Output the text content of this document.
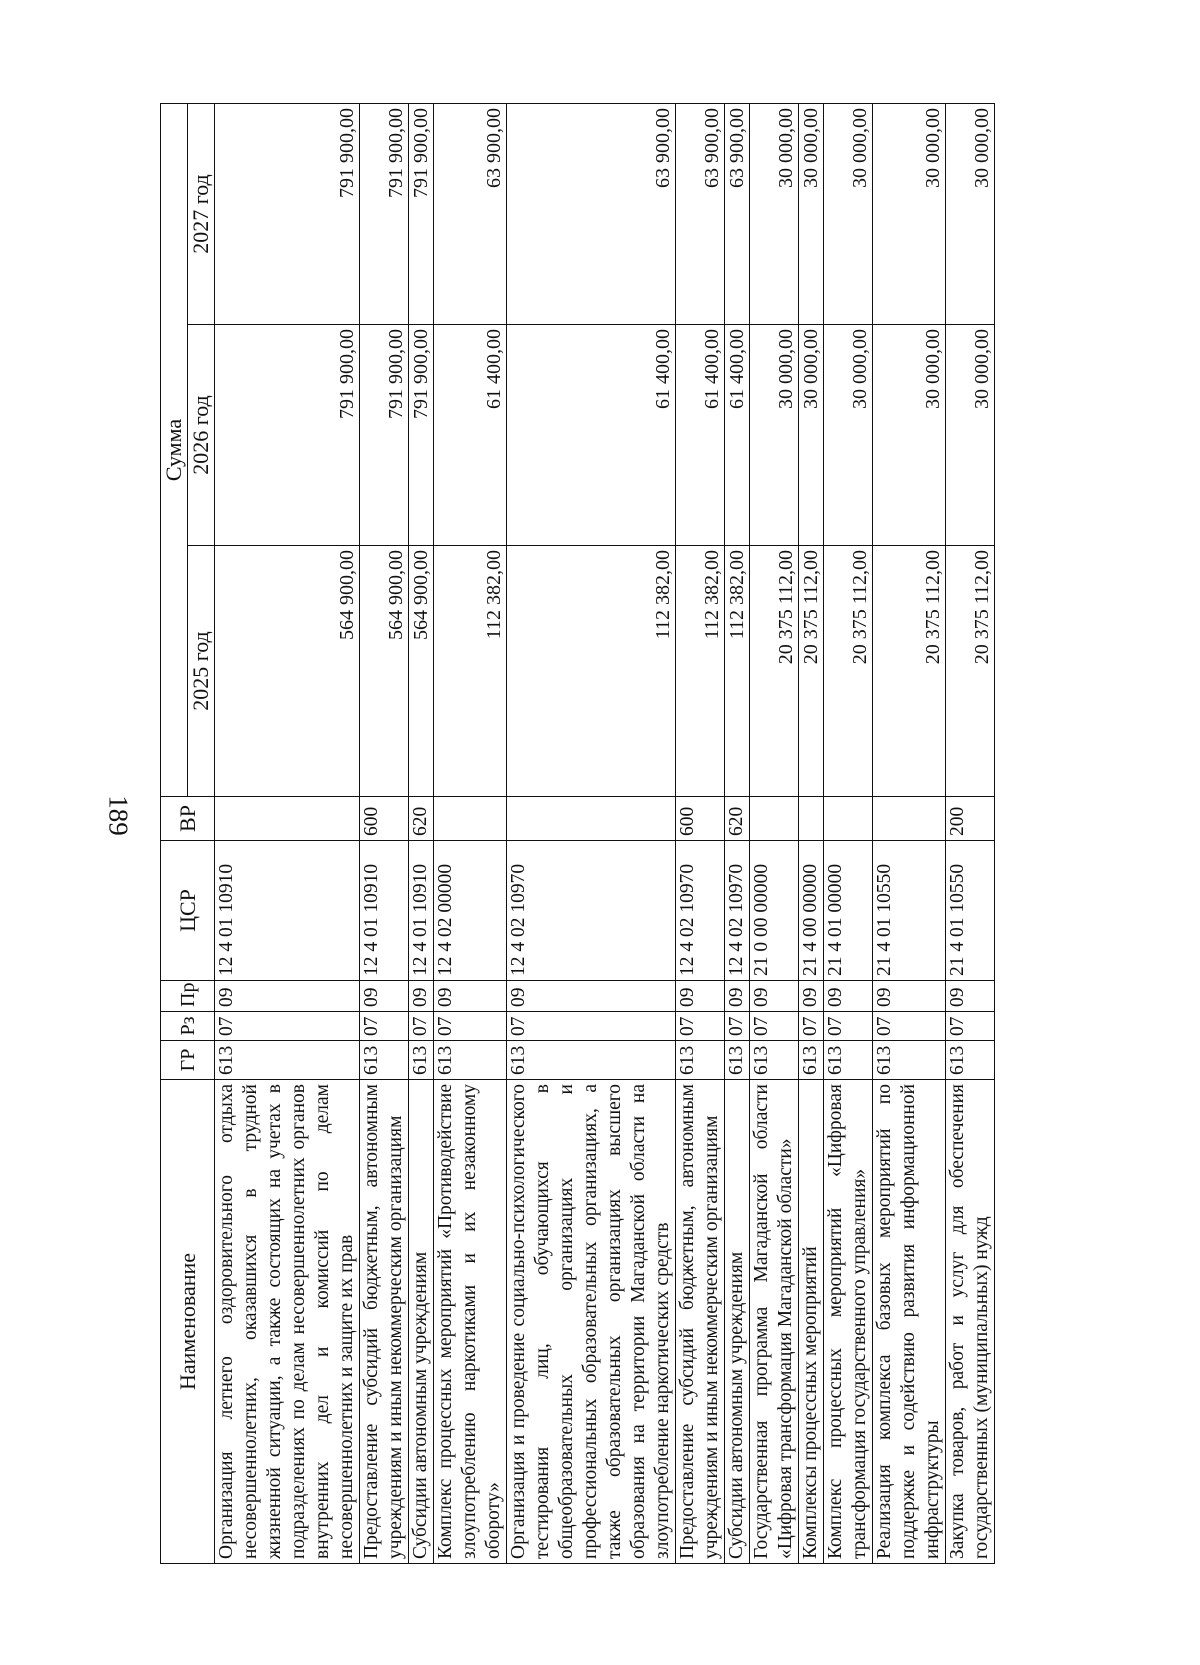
189
Наименование	ГР	Рз	Пр	ЦСР	ВР	Сумма		
						2025 год	2026 год	2027 год
Организация летнего оздоровительного отдыха несовершеннолетних, оказавшихся в трудной жизненной ситуации, а также состоящих на учетах в подразделениях по делам несовершеннолетних органов внутренних дел и комиссий по делам несовершеннолетних и защите их прав	613	07	09	12 4 01 10910		564 900,00	791 900,00	791 900,00
Предоставление субсидий бюджетным, автономным учреждениям и иным некоммерческим организациям	613	07	09	12 4 01 10910	600	564 900,00	791 900,00	791 900,00
Субсидии автономным учреждениям	613	07	09	12 4 01 10910	620	564 900,00	791 900,00	791 900,00
Комплекс процессных мероприятий «Противодействие злоупотреблению наркотиками и их незаконному обороту»	613	07	09	12 4 02 00000		112 382,00	61 400,00	63 900,00
Организация и проведение социально-психологического тестирования лиц, обучающихся в общеобразовательных организациях и профессиональных образовательных организациях, а также образовательных организациях высшего образования на территории Магаданской области на злоупотребление наркотических средств	613	07	09	12 4 02 10970		112 382,00	61 400,00	63 900,00
Предоставление субсидий бюджетным, автономным учреждениям и иным некоммерческим организациям	613	07	09	12 4 02 10970	600	112 382,00	61 400,00	63 900,00
Субсидии автономным учреждениям	613	07	09	12 4 02 10970	620	112 382,00	61 400,00	63 900,00
Государственная программа Магаданской области «Цифровая трансформация Магаданской области»	613	07	09	21 0 00 00000		20 375 112,00	30 000,00	30 000,00
Комплексы процессных мероприятий	613	07	09	21 4 00 00000		20 375 112,00	30 000,00	30 000,00
Комплекс процессных мероприятий «Цифровая трансформация государственного управления»	613	07	09	21 4 01 00000		20 375 112,00	30 000,00	30 000,00
Реализация комплекса базовых мероприятий по поддержке и содействию развития информационной инфраструктуры	613	07	09	21 4 01 10550		20 375 112,00	30 000,00	30 000,00
Закупка товаров, работ и услуг для обеспечения государственных (муниципальных) нужд	613	07	09	21 4 01 10550	200	20 375 112,00	30 000,00	30 000,00
